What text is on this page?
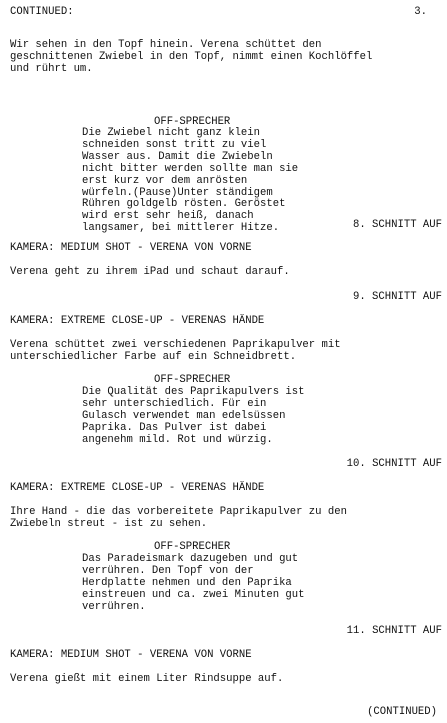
CONTINUED:	3.
Wir sehen in den Topf hinein. Verena schüttet den
geschnittenen Zwiebel in den Topf, nimmt einen Kochlöffel
und rührt um.
OFF-SPRECHER
Die Zwiebel nicht ganz klein
schneiden sonst tritt zu viel
Wasser aus. Damit die Zwiebeln
nicht bitter werden sollte man sie
erst kurz vor dem anrösten
würfeln.(Pause)Unter ständigem
Rühren goldgelb rösten. Geröstet
wird erst sehr heiß, danach
langsamer, bei mittlerer Hitze.	8. SCHNITT AUF
KAMERA: MEDIUM SHOT - VERENA VON VORNE
Verena geht zu ihrem iPad und schaut darauf.
9. SCHNITT AUF
KAMERA: EXTREME CLOSE-UP - VERENAS HÄNDE
Verena schüttet zwei verschiedenen Paprikapulver mit
unterschiedlicher Farbe auf ein Schneidbrett.
OFF-SPRECHER
Die Qualität des Paprikapulvers ist
sehr unterschiedlich. Für ein
Gulasch verwendet man edelsüssen
Paprika. Das Pulver ist dabei
angenehm mild. Rot und würzig.
10. SCHNITT AUF
KAMERA: EXTREME CLOSE-UP - VERENAS HÄNDE
Ihre Hand - die das vorbereitete Paprikapulver zu den
Zwiebeln streut - ist zu sehen.
OFF-SPRECHER
Das Paradeismark dazugeben und gut
verrühren. Den Topf von der
Herdplatte nehmen und den Paprika
einstreuen und ca. zwei Minuten gut
verrühren.
11. SCHNITT AUF
KAMERA: MEDIUM SHOT - VERENA VON VORNE
Verena gießt mit einem Liter Rindsuppe auf.
(CONTINUED)
